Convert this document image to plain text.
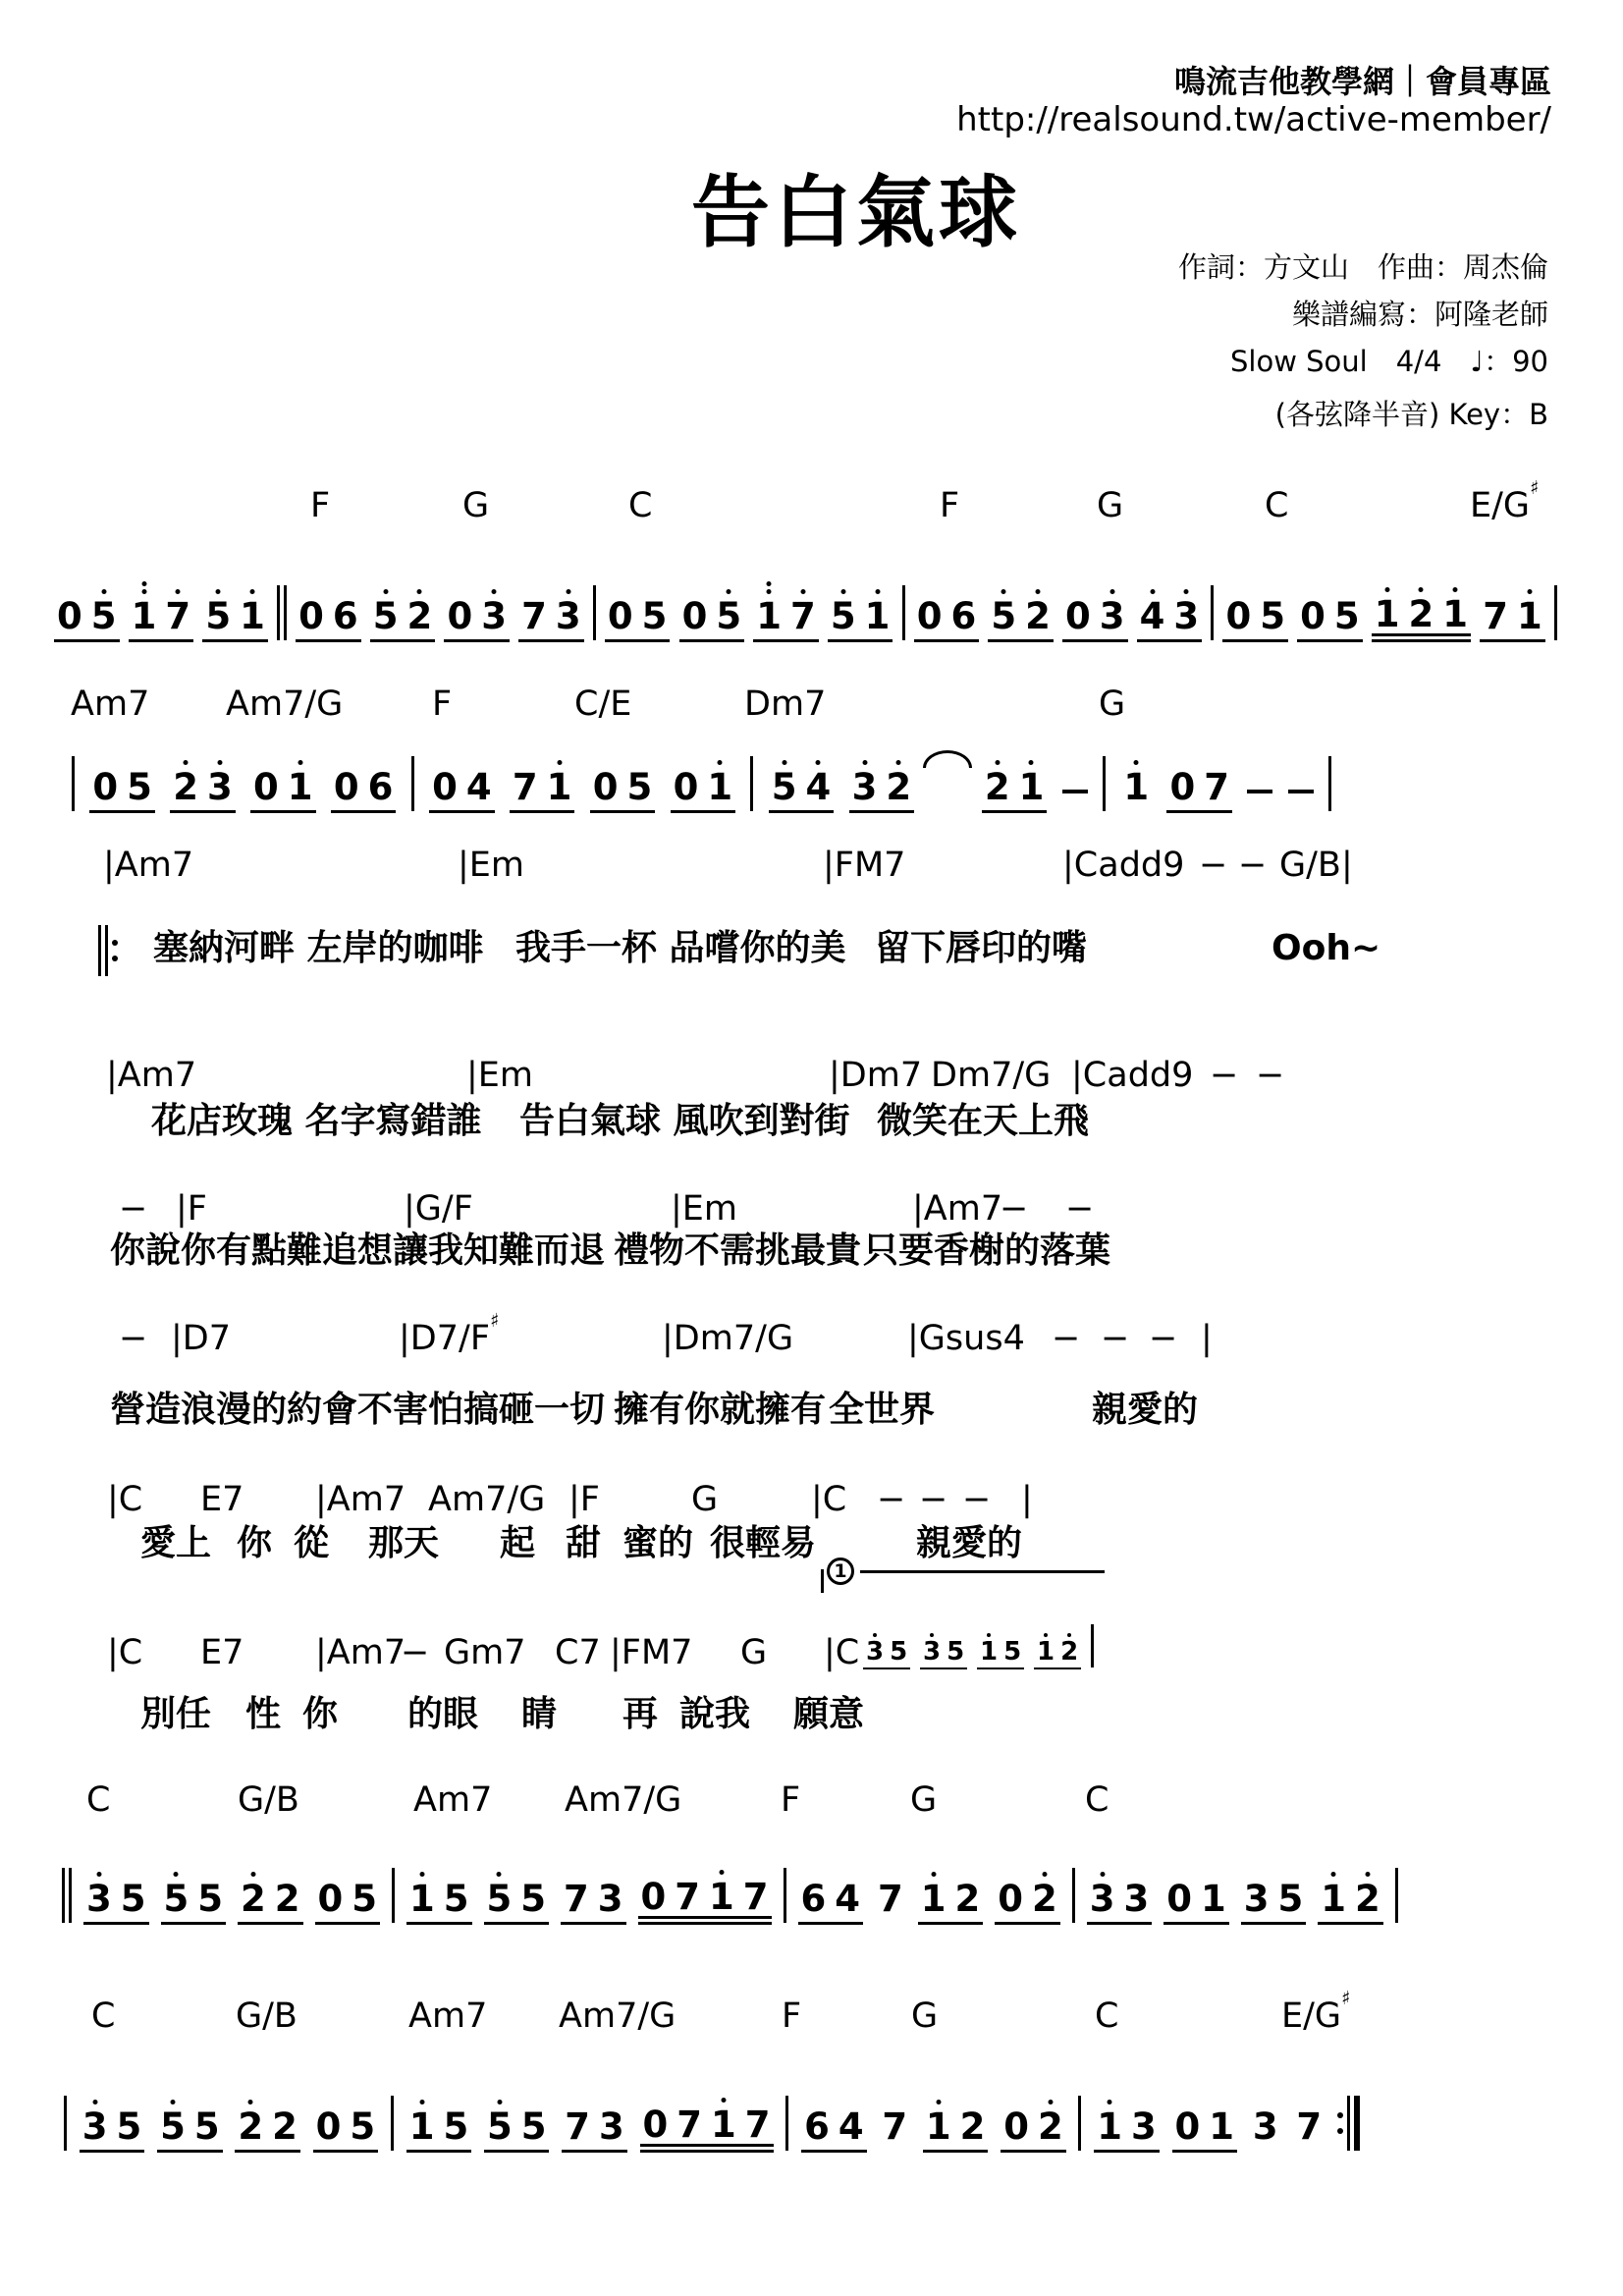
鳴流吉他教學網｜會員專區
http://realsound.tw/active-member/
告白氣球
作詞：方文山　作曲：周杰倫
樂譜編寫：阿隆老師
Slow Soul　4/4　♩：90
(各弦降半音) Key：B
F	G	C	F	G	C	E/G♯
0 5 1 7 5 1 0 6 5 2 0 3 7 3 0 5 0 5 1 7 5 1 0 6 5 2 0 3 4 3 0 5 0 5 1 2 1 7 1
Am7 Am7/G	F	C/E	Dm7	G
0 5 2 3 0 1 0 6 0 4 7 1 0 5 0 1 5 4 3 2 2 1 1 0 7
|Am7	|Em	|FM7	|Cadd9 − − G/B|
塞納河畔 左岸的咖啡 我手一杯 品嚐你的美 留下唇印的嘴	Ooh~
|Am7	|Em	|Dm7 Dm7/G |Cadd9 − −
花店玫瑰 名字寫錯誰 告白氣球 風吹到對街 微笑在天上飛
− |F	|G/F	|Em	|Am7
− −
你說你有點難追 想讓我知難而退 禮物不需挑最貴 只要香榭的落葉
− |D7	|D7/F♯	|Dm7/G	|Gsus4 − − − |
營造浪漫的約會 不害怕搞砸一切 擁有你就擁有 全世界	親愛的
|C E7 |Am7 Am7/G |F	G	|C − − − |
愛上 你 從 那天 起 甜 蜜的 很輕易	親愛的
1
|C E7 |Am7
− Gm7 C7 |FM7 G |C 3 5 3 5 1 5 1 2
別任 性 你 的眼 睛 再 說我 願意
C	G/B	Am7 Am7/G	F	G	C
3 5 5 5 2 2 0 5 1 5 5 5 7 3 0 7 1 7 6 4 7 1 2 0 2 3 3 0 1 3 5 1 2
C	G/B	Am7 Am7/G	F	G	C	E/G♯
3 5 5 5 2 2 0 5 1 5 5 5 7 3 0 7 1 7 6 4 7 1 2 0 2 1 3 0 1 3 7
